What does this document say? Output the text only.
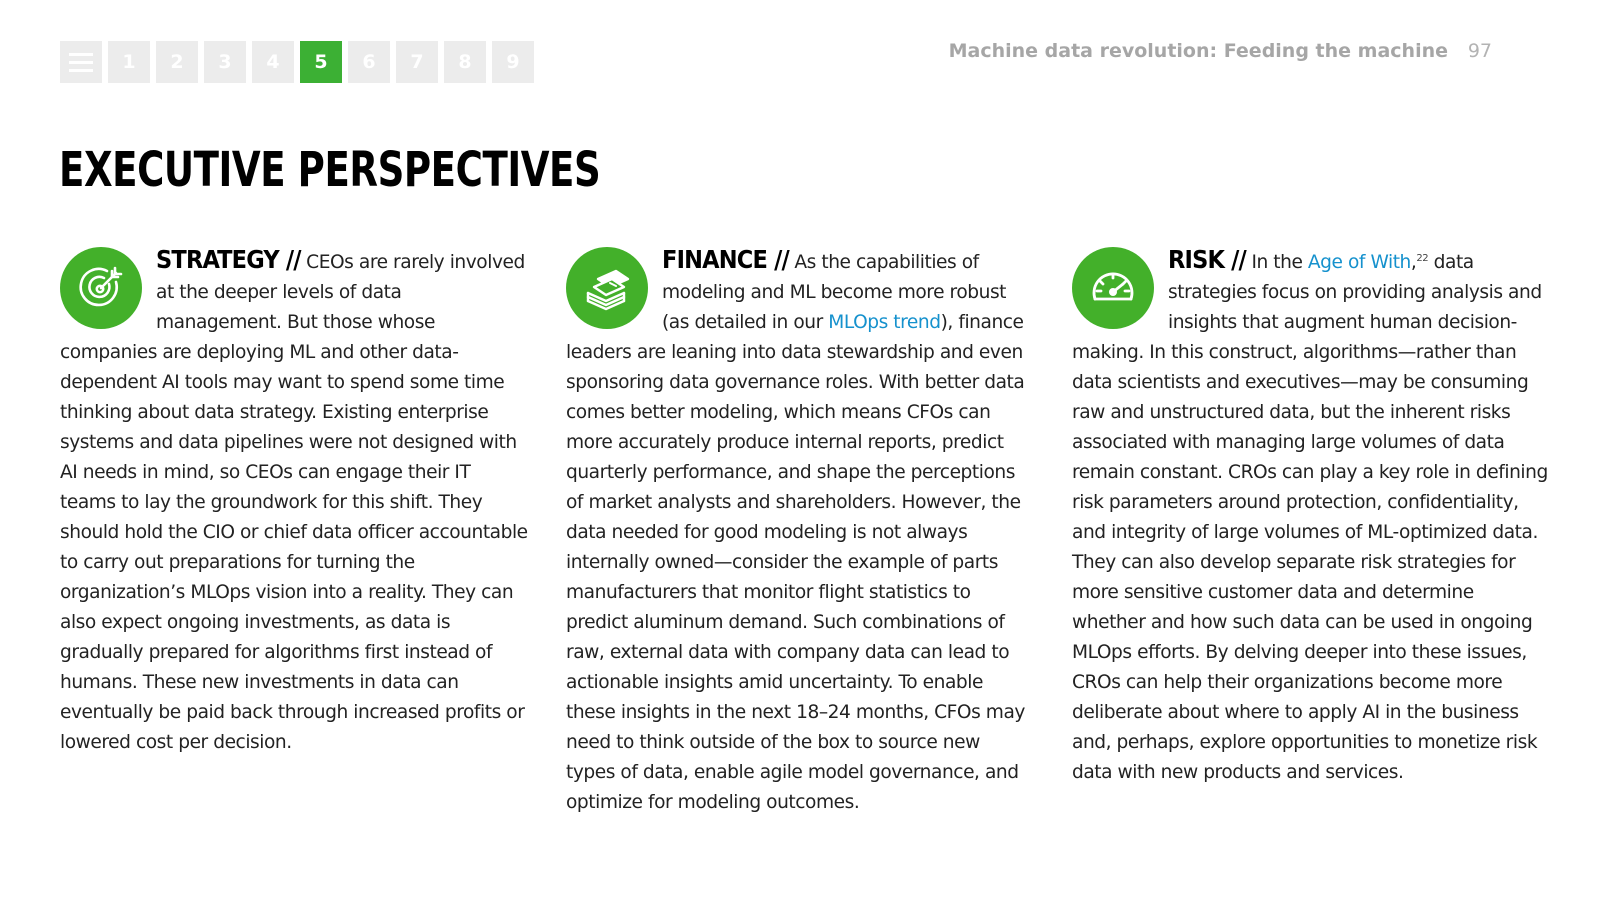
1	2	3	4	5	6	7	8	9	Machine data revolution: Feeding the machine 97
EXECUTIVE PERSPECTIVES
STRATEGY // CEOs are rarely involved at the deeper levels of data management. But those whose companies are deploying ML and other data-dependent AI tools may want to spend some time thinking about data strategy. Existing enterprise systems and data pipelines were not designed with AI needs in mind, so CEOs can engage their IT teams to lay the groundwork for this shift. They should hold the CIO or chief data officer accountable to carry out preparations for turning the organization’s MLOps vision into a reality. They can also expect ongoing investments, as data is gradually prepared for algorithms first instead of humans. These new investments in data can eventually be paid back through increased profits or lowered cost per decision.
FINANCE // As the capabilities of modeling and ML become more robust (as detailed in our MLOps trend), finance leaders are leaning into data stewardship and even sponsoring data governance roles. With better data comes better modeling, which means CFOs can more accurately produce internal reports, predict quarterly performance, and shape the perceptions of market analysts and shareholders. However, the data needed for good modeling is not always internally owned—consider the example of parts manufacturers that monitor flight statistics to predict aluminum demand. Such combinations of raw, external data with company data can lead to actionable insights amid uncertainty. To enable these insights in the next 18–24 months, CFOs may need to think outside of the box to source new types of data, enable agile model governance, and optimize for modeling outcomes.
RISK // In the Age of With,$^{22}$ data strategies focus on providing analysis and insights that augment human decision-making. In this construct, algorithms—rather than data scientists and executives—may be consuming raw and unstructured data, but the inherent risks associated with managing large volumes of data remain constant. CROs can play a key role in defining risk parameters around protection, confidentiality, and integrity of large volumes of ML-optimized data. They can also develop separate risk strategies for more sensitive customer data and determine whether and how such data can be used in ongoing MLOps efforts. By delving deeper into these issues, CROs can help their organizations become more deliberate about where to apply AI in the business and, perhaps, explore opportunities to monetize risk data with new products and services.
